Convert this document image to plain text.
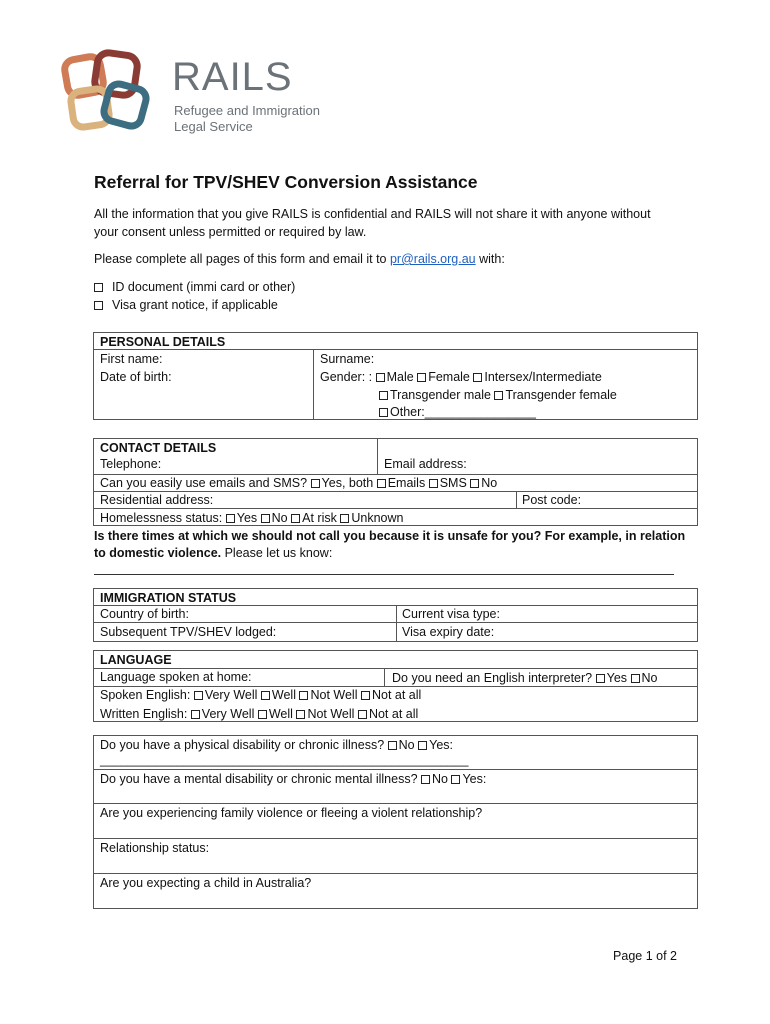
RAILS
Refugee and Immigration
Legal Service
Referral for TPV/SHEV Conversion Assistance
All the information that you give RAILS is confidential and RAILS will not share it with anyone without
your consent unless permitted or required by law.
Please complete all pages of this form and email it to pr@rails.org.au with:
ID document (immi card or other)
Visa grant notice, if applicable
PERSONAL DETAILS
First name:	Surname:
Date of birth:	Gender: : Male Female Intersex/Intermediate
Transgender male Transgender female
Other:________________
CONTACT DETAILS
Telephone:	Email address:
Can you easily use emails and SMS? Yes, both Emails SMS No
Residential address:	Post code:
Homelessness status: Yes No At risk Unknown
Is there times at which we should not call you because it is unsafe for you? For example, in relation
to domestic violence. Please let us know:
IMMIGRATION STATUS
Country of birth:	Current visa type:
Subsequent TPV/SHEV lodged:	Visa expiry date:
LANGUAGE
Language spoken at home:	Do you need an English interpreter? Yes No
Spoken English: Very Well Well Not Well Not at all
Written English: Very Well Well Not Well Not at all
Do you have a physical disability or chronic illness? No Yes:
_____________________________________________________
Do you have a mental disability or chronic mental illness? No Yes:
Are you experiencing family violence or fleeing a violent relationship?
Relationship status:
Are you expecting a child in Australia?
Page 1 of 2
